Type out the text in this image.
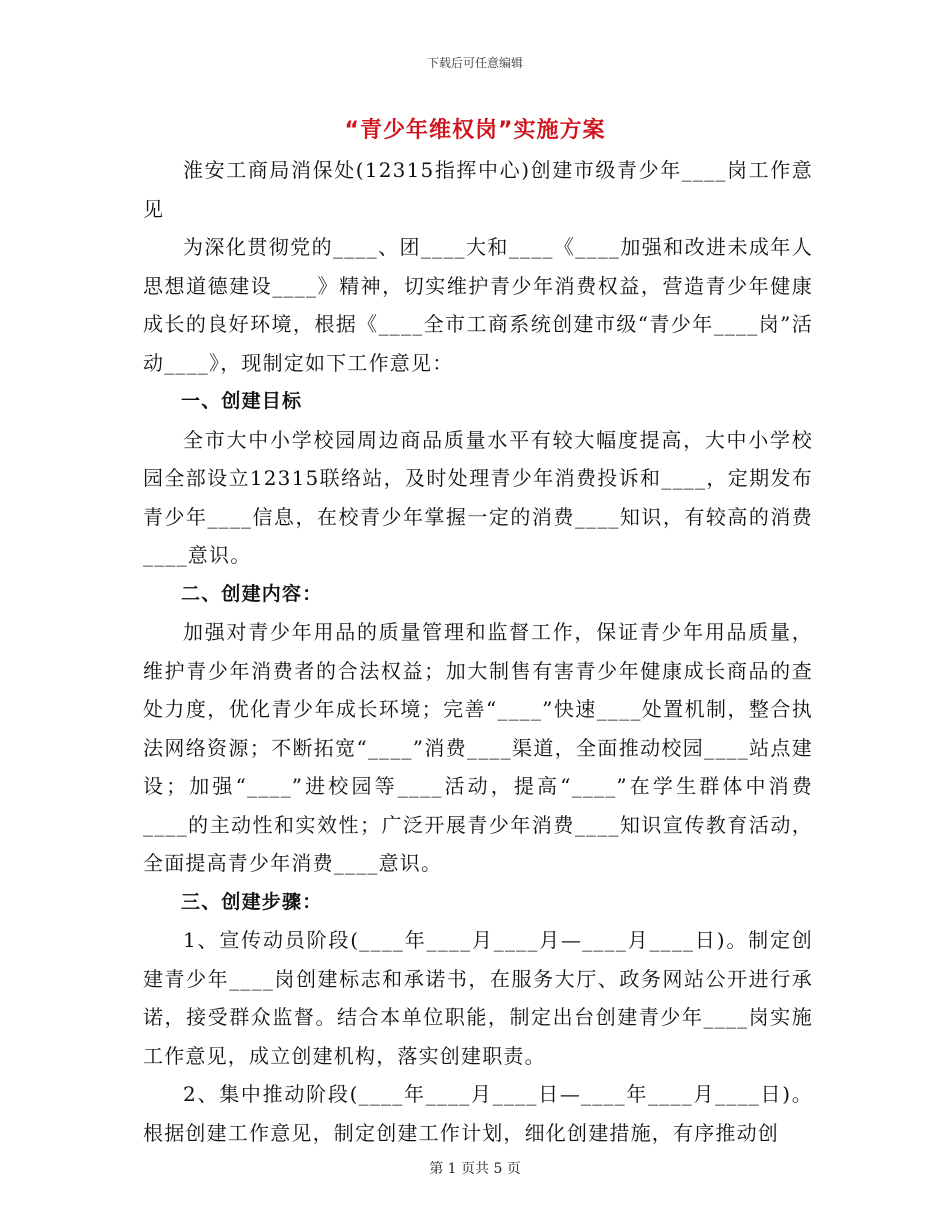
下载后可任意编辑
“青少年维权岗”实施方案

淮安工商局消保处(12315指挥中心)创建市级青少年____岗工作意见

为深化贯彻党的____、团____大和____《____加强和改进未成年人思想道德建设____》精神，切实维护青少年消费权益，营造青少年健康成长的良好环境，根据《____全市工商系统创建市级“青少年____岗”活动____》，现制定如下工作意见：

一、创建目标

全市大中小学校园周边商品质量水平有较大幅度提高，大中小学校园全部设立12315联络站，及时处理青少年消费投诉和____，定期发布青少年____信息，在校青少年掌握一定的消费____知识，有较高的消费____意识。

二、创建内容：

加强对青少年用品的质量管理和监督工作，保证青少年用品质量，维护青少年消费者的合法权益；加大制售有害青少年健康成长商品的查处力度，优化青少年成长环境；完善“____”快速____处置机制，整合执法网络资源；不断拓宽“____”消费____渠道，全面推动校园____站点建设；加强“____”进校园等____活动，提高“____”在学生群体中消费____的主动性和实效性；广泛开展青少年消费____知识宣传教育活动，全面提高青少年消费____意识。

三、创建步骤：

1、宣传动员阶段(____年____月____月—____月____日)。制定创建青少年____岗创建标志和承诺书，在服务大厅、政务网站公开进行承诺，接受群众监督。结合本单位职能，制定出台创建青少年____岗实施工作意见，成立创建机构，落实创建职责。

2、集中推动阶段(____年____月____日—____年____月____日)。根据创建工作意见，制定创建工作计划，细化创建措施，有序推动创

第 1 页共 5 页
